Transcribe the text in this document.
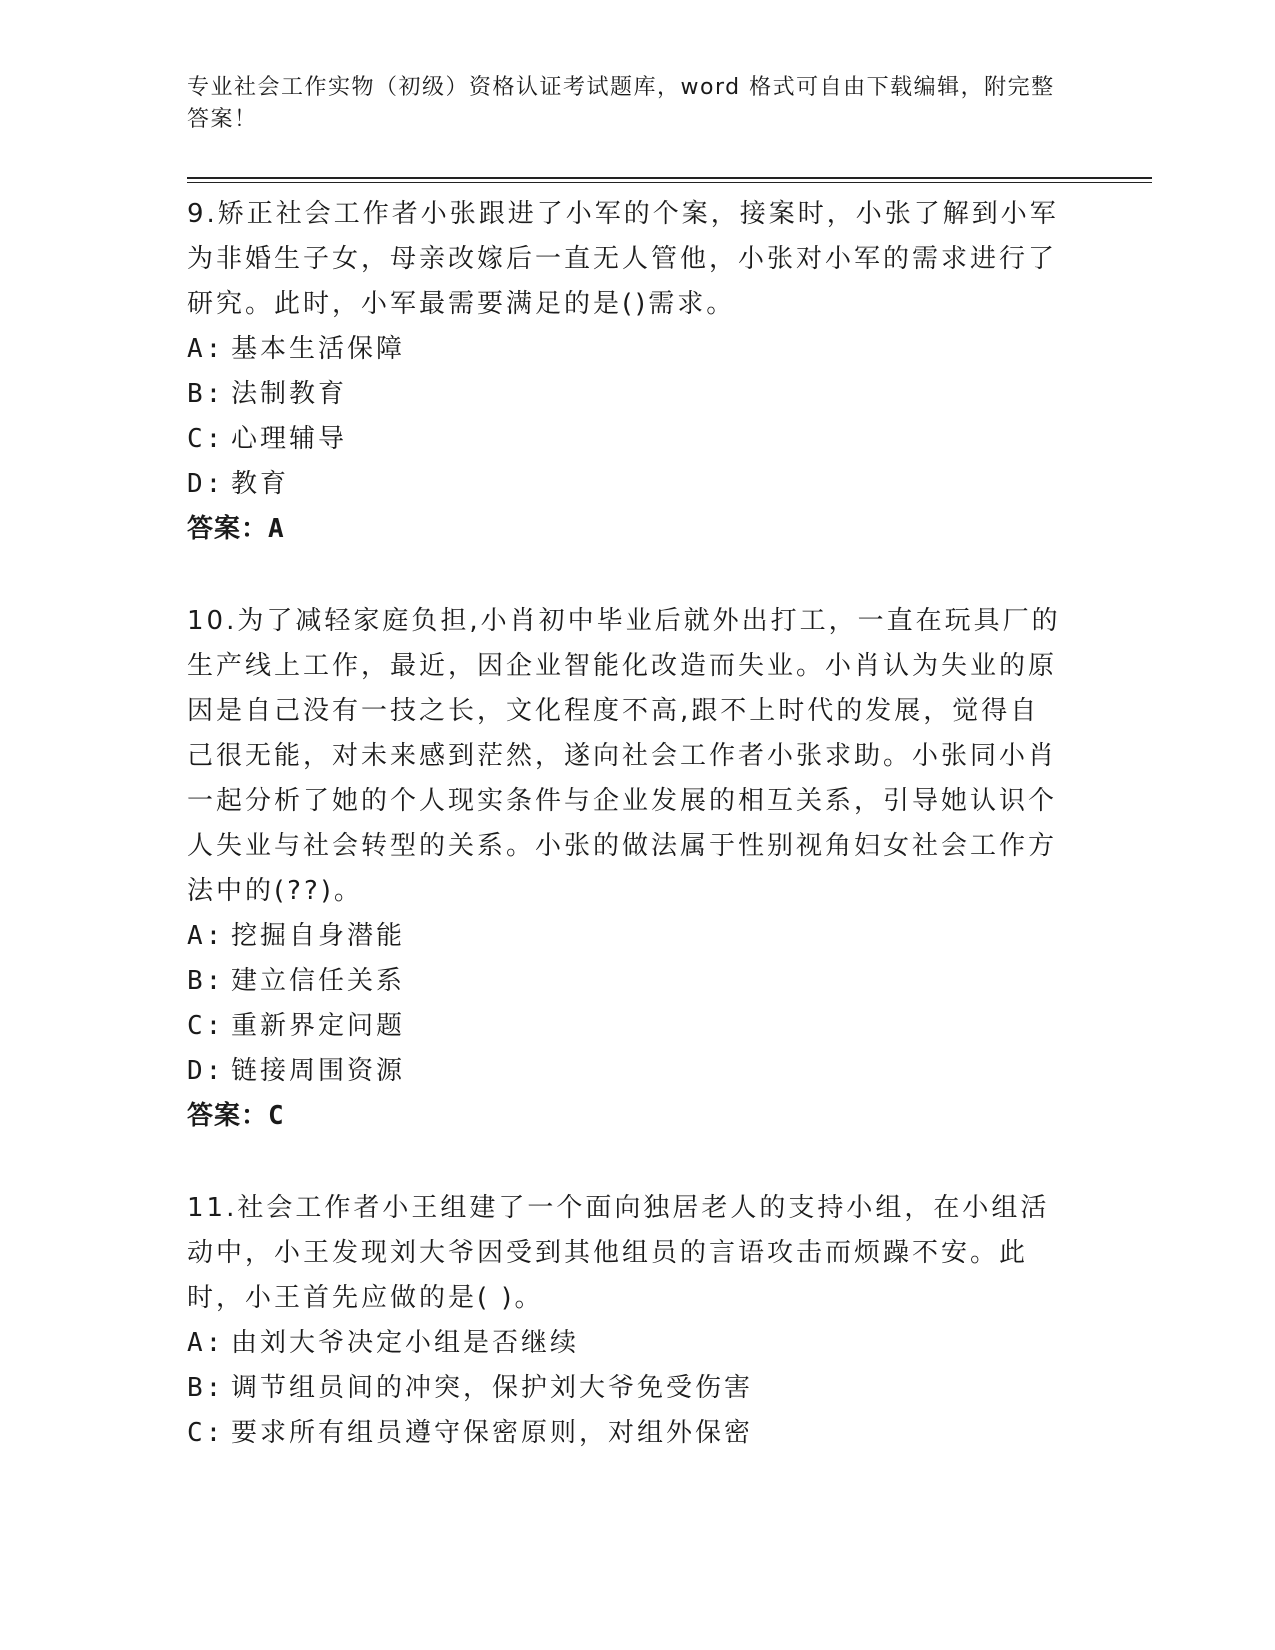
专业社会工作实物（初级）资格认证考试题库，word 格式可自由下载编辑，附完整答案！

9.矫正社会工作者小张跟进了小军的个案，接案时，小张了解到小军为非婚生子女，母亲改嫁后一直无人管他，小张对小军的需求进行了研究。此时，小军最需要满足的是()需求。

A: 基本生活保障
B: 法制教育
C: 心理辅导
D: 教育
答案：A

10.为了减轻家庭负担,小肖初中毕业后就外出打工，一直在玩具厂的生产线上工作，最近，因企业智能化改造而失业。小肖认为失业的原因是自己没有一技之长，文化程度不高,跟不上时代的发展，觉得自己很无能，对未来感到茫然，遂向社会工作者小张求助。小张同小肖一起分析了她的个人现实条件与企业发展的相互关系，引导她认识个人失业与社会转型的关系。小张的做法属于性别视角妇女社会工作方法中的(??)。

A: 挖掘自身潜能
B: 建立信任关系
C: 重新界定问题
D: 链接周围资源
答案：C

11.社会工作者小王组建了一个面向独居老人的支持小组，在小组活动中，小王发现刘大爷因受到其他组员的言语攻击而烦躁不安。此时，小王首先应做的是( )。

A: 由刘大爷决定小组是否继续
B: 调节组员间的冲突，保护刘大爷免受伤害
C: 要求所有组员遵守保密原则，对组外保密
